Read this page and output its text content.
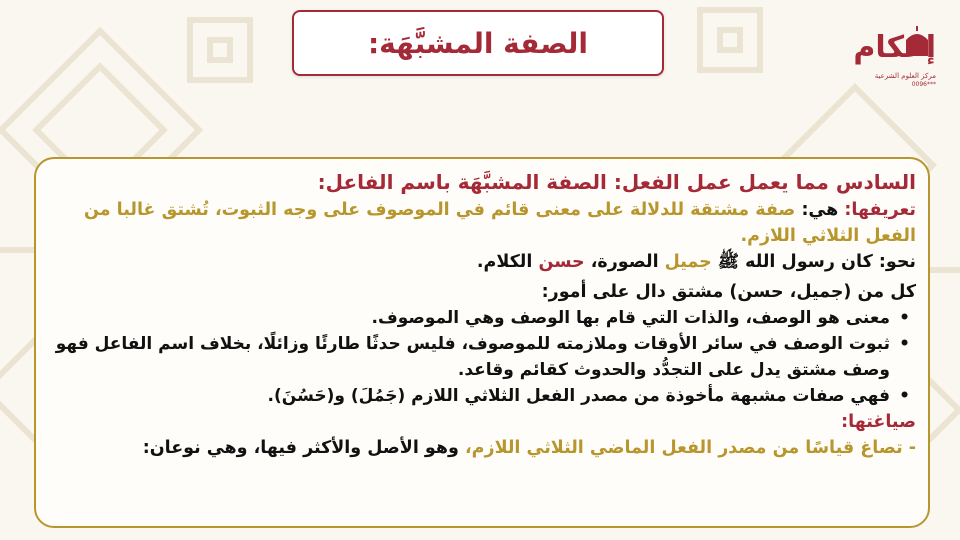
الصفة المشبَّهَة:	إحكام
مركز العلوم الشرعية
0096***

السادس مما يعمل عمل الفعل: الصفة المشبَّهَة باسم الفاعل:

تعريفها: هي: صفة مشتقة للدلالة على معنى قائم في الموصوف على وجه الثبوت، تُشتق غالبا من الفعل الثلاثي اللازم.

نحو: كان رسول الله ﷺ جميل الصورة، حسن الكلام.

كل من (جميل، حسن) مشتق دال على أمور:

• معنى هو الوصف، والذات التي قام بها الوصف وهي الموصوف.
• ثبوت الوصف في سائر الأوقات وملازمته للموصوف، فليس حدثًا طارئًا وزائلًا، بخلاف اسم الفاعل فهو وصف مشتق يدل على التجدُّد والحدوث كقائم وقاعد.
• فهي صفات مشبهة مأخوذة من مصدر الفعل الثلاثي اللازم (جَمُلَ) و(حَسُنَ).

صياغتها:

- تصاغ قياسًا من مصدر الفعل الماضي الثلاثي اللازم، وهو الأصل والأكثر فيها، وهي نوعان:
